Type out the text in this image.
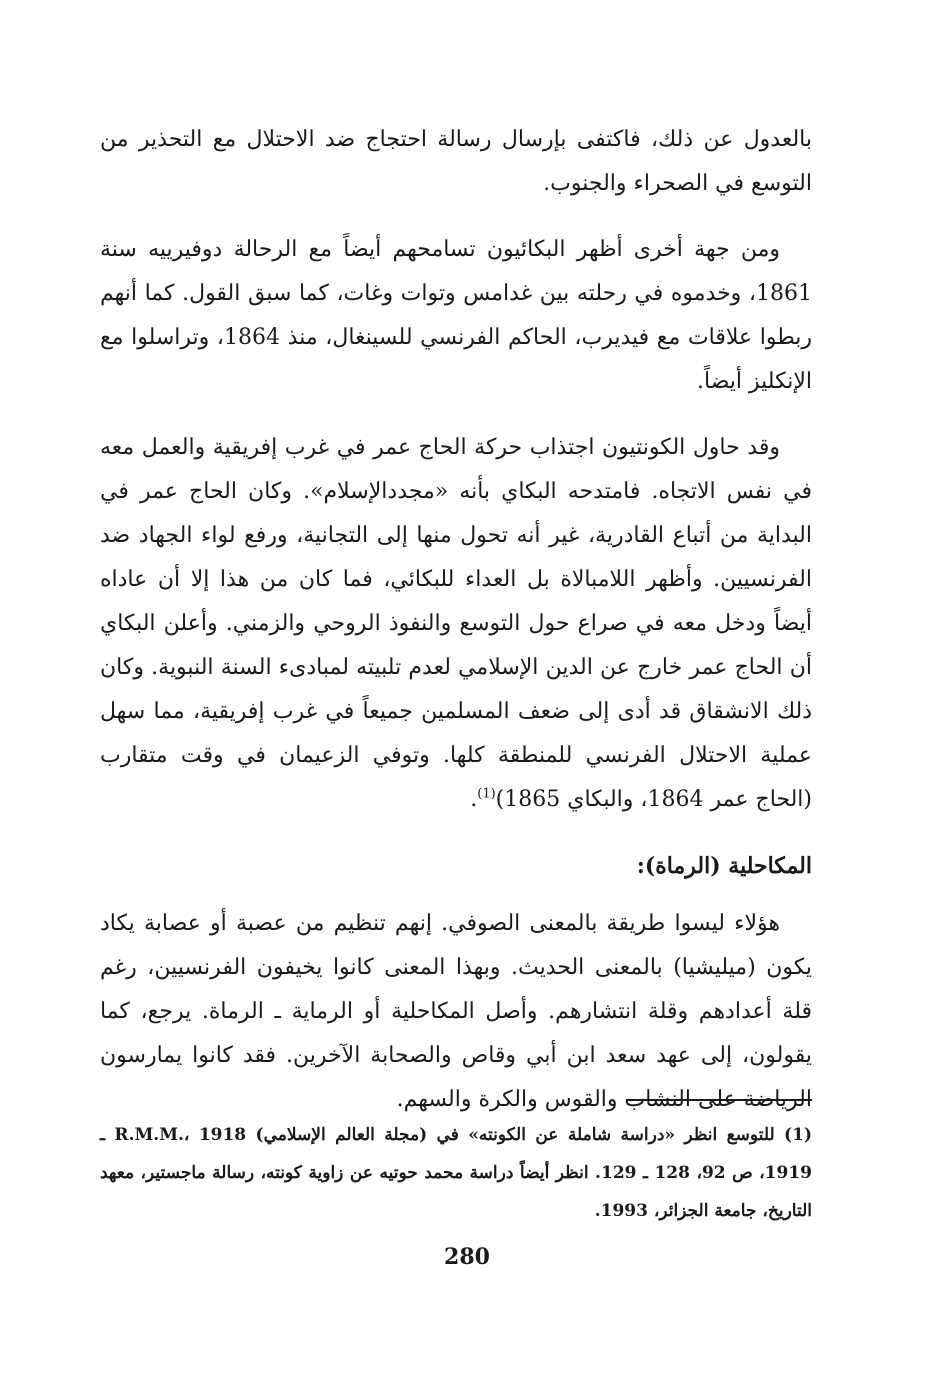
بالعدول عن ذلك، فاكتفى بإرسال رسالة احتجاج ضد الاحتلال مع التحذير من التوسع في الصحراء والجنوب.

ومن جهة أخرى أظهر البكائيون تسامحهم أيضاً مع الرحالة دوفيرييه سنة 1861، وخدموه في رحلته بين غدامس وتوات وغات، كما سبق القول. كما أنهم ربطوا علاقات مع فيديرب، الحاكم الفرنسي للسينغال، منذ 1864، وتراسلوا مع الإنكليز أيضاً.

وقد حاول الكونتيون اجتذاب حركة الحاج عمر في غرب إفريقية والعمل معه في نفس الاتجاه. فامتدحه البكاي بأنه «مجددالإسلام». وكان الحاج عمر في البداية من أتباع القادرية، غير أنه تحول منها إلى التجانية، ورفع لواء الجهاد ضد الفرنسيين. وأظهر اللامبالاة بل العداء للبكائي، فما كان من هذا إلا أن عاداه أيضاً ودخل معه في صراع حول التوسع والنفوذ الروحي والزمني. وأعلن البكاي أن الحاج عمر خارج عن الدين الإسلامي لعدم تلبيته لمبادىء السنة النبوية. وكان ذلك الانشقاق قد أدى إلى ضعف المسلمين جميعاً في غرب إفريقية، مما سهل عملية الاحتلال الفرنسي للمنطقة كلها. وتوفي الزعيمان في وقت متقارب (الحاج عمر 1864، والبكاي 1865)$^{(1)}$.

المكاحلية (الرماة):

هؤلاء ليسوا طريقة بالمعنى الصوفي. إنهم تنظيم من عصبة أو عصابة يكاد يكون (ميليشيا) بالمعنى الحديث. وبهذا المعنى كانوا يخيفون الفرنسيين، رغم قلة أعدادهم وقلة انتشارهم. وأصل المكاحلية أو الرماية ـ الرماة. يرجع، كما يقولون، إلى عهد سعد ابن أبي وقاص والصحابة الآخرين. فقد كانوا يمارسون الرياضة على النشاب والقوس والكرة والسهم.

(1) للتوسع انظر «دراسة شاملة عن الكونته» في (مجلة العالم الإسلامي) R.M.M.، 1918 ـ 1919، ص 92، 128 ـ 129. انظر أيضاً دراسة محمد حوتيه عن زاوية كونته، رسالة ماجستير، معهد التاريخ، جامعة الجزائر، 1993.
280
